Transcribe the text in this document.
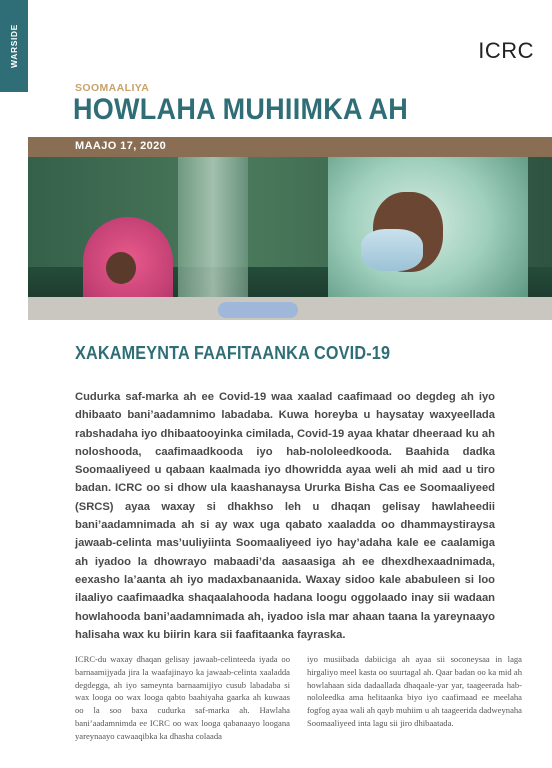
WARSIDE	ICRC
SOOMAALIYA
HOWLAHA MUHIIMKA AH
MAAJO 17, 2020
XAKAMEYNTA FAAFITAANKA COVID-19

Cudurka saf-marka ah ee Covid-19 waa xaalad caafimaad oo degdeg ah iyo dhibaato bani’aadamnimo labadaba. Kuwa horeyba u haysatay waxyeellada rabshadaha iyo dhibaatooyinka cimilada, Covid-19 ayaa khatar dheeraad ku ah noloshooda, caafimaadkooda iyo hab-nololeedkooda. Baahida dadka Soomaaliyeed u qabaan kaalmada iyo dhowridda ayaa weli ah mid aad u tiro badan. ICRC oo si dhow ula kaashanaysa Ururka Bisha Cas ee Soomaaliyeed (SRCS) ayaa waxay si dhakhso leh u dhaqan gelisay hawlaheedii bani’aadamnimada ah si ay wax uga qabato xaaladda oo dhammaystiraysa jawaab-celinta mas’uuliyiinta Soomaaliyeed iyo hay’adaha kale ee caalamiga ah iyadoo la dhowrayo mabaadi’da aasaasiga ah ee dhexdhexaadnimada, eexasho la’aanta ah iyo madaxbanaanida. Waxay sidoo kale ababuleen si loo ilaaliyo caafimaadka shaqaalahooda hadana loogu oggolaado inay sii wadaan howlahooda bani’aadamnimada ah, iyadoo isla mar ahaan taana la yareynaayo halisaha wax ku biirin kara sii faafitaanka fayraska.

ICRC-du waxay dhaqan gelisay jawaab-celinteeda iyada oo barnaamijyada jira la waafajinayo ka jawaab-celinta xaaladda degdegga, ah iyo sameynta barnaamijiyo cusub labadaba si wax looga oo wax looga qabto baahiyaha gaarka ah kuwaas oo la soo baxa cudurka saf-marka ah. Hawlaha bani’aadamnimda ee ICRC oo wax looga qabanaayo loogana yareynaayo cawaaqibka ka dhasha colaada

iyo musiibada dabiiciga ah ayaa sii soconeysaa in laga hirgaliyo meel kasta oo suurtagal ah. Qaar badan oo ka mid ah howlahaan sida dadaallada dhaqaale-yar yar, taageerada hab-nololeedka ama helitaanka biyo iyo caafimaad ee meelaha fogfog ayaa wali ah qayb muhiim u ah taageerida dadweynaha Soomaaliyeed inta lagu sii jiro dhibaatada.
